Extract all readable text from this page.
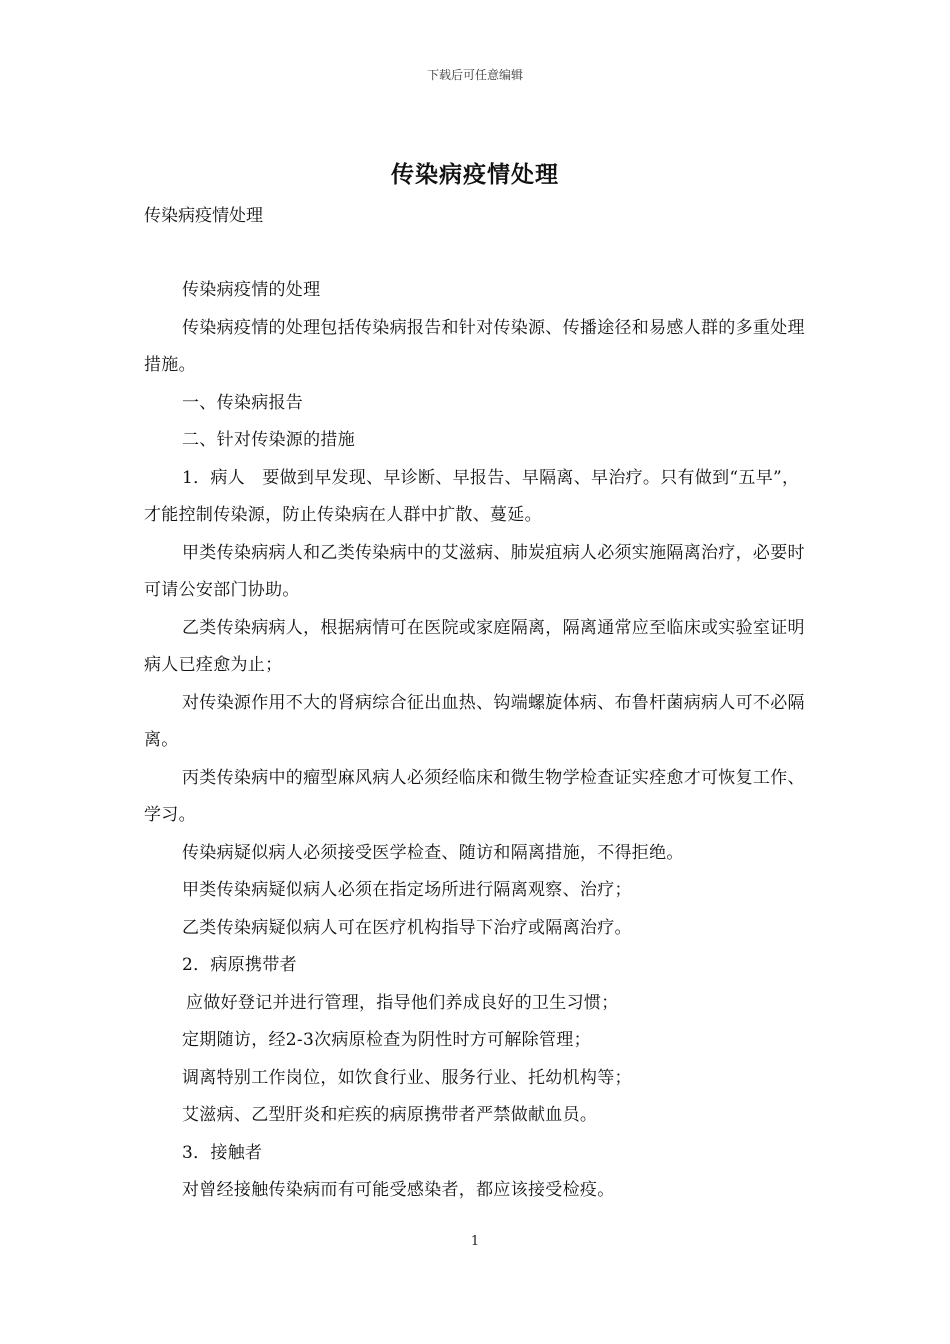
下载后可任意编辑
传染病疫情处理

传染病疫情处理

传染病疫情的处理

传染病疫情的处理包括传染病报告和针对传染源、传播途径和易感人群的多重处理措施。

一、传染病报告

二、针对传染源的措施

1．病人　要做到早发现、早诊断、早报告、早隔离、早治疗。只有做到“五早”，才能控制传染源，防止传染病在人群中扩散、蔓延。

甲类传染病病人和乙类传染病中的艾滋病、肺炭疽病人必须实施隔离治疗，必要时可请公安部门协助。

乙类传染病病人，根据病情可在医院或家庭隔离，隔离通常应至临床或实验室证明病人已痊愈为止；

对传染源作用不大的肾病综合征出血热、钩端螺旋体病、布鲁杆菌病病人可不必隔离。

丙类传染病中的瘤型麻风病人必须经临床和微生物学检查证实痊愈才可恢复工作、学习。

传染病疑似病人必须接受医学检查、随访和隔离措施，不得拒绝。

甲类传染病疑似病人必须在指定场所进行隔离观察、治疗；

乙类传染病疑似病人可在医疗机构指导下治疗或隔离治疗。

2．病原携带者

应做好登记并进行管理，指导他们养成良好的卫生习惯；

定期随访，经2-3次病原检查为阴性时方可解除管理；

调离特别工作岗位，如饮食行业、服务行业、托幼机构等；

艾滋病、乙型肝炎和疟疾的病原携带者严禁做献血员。

3．接触者

对曾经接触传染病而有可能受感染者，都应该接受检疫。

1
